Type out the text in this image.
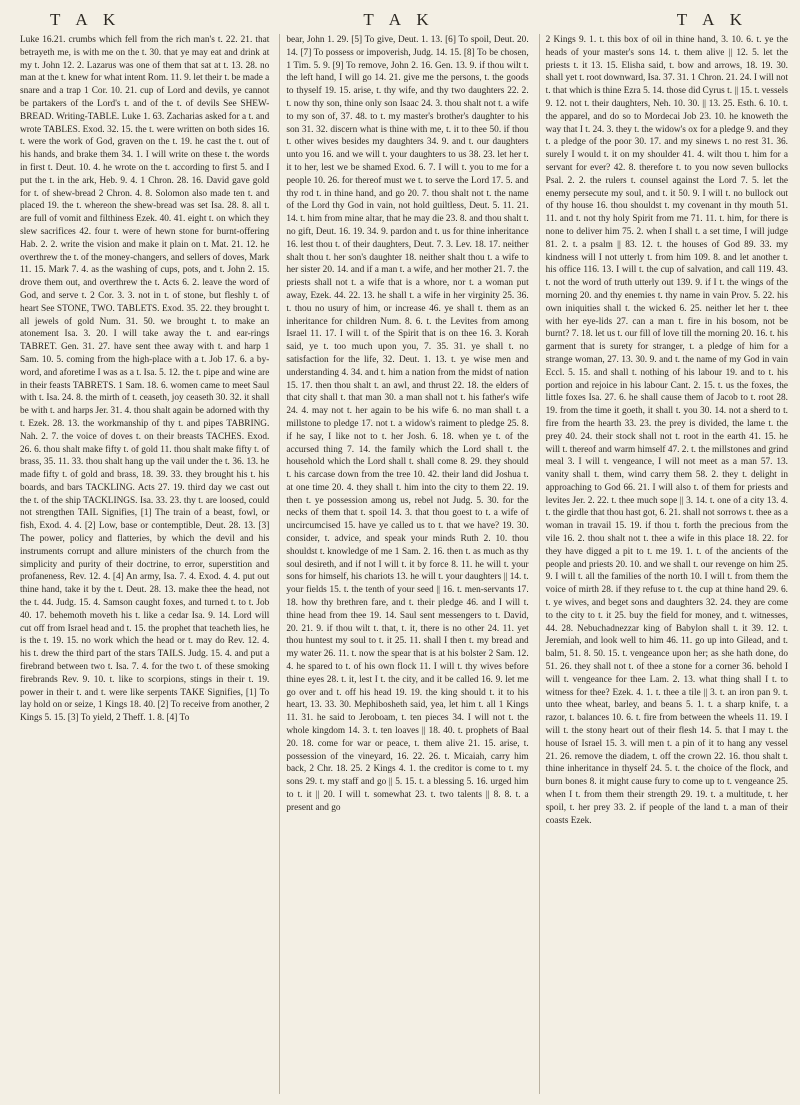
T A K	T A K	T A K

Luke 16.21. crumbs which fell from the rich man's t. 22. 21. that betrayeth me, is with me on the t. 30. that ye may eat and drink at my t. John 12. 2. Lazarus was one of them that sat at t. 13. 28. no man at the t. knew for what intent Rom. 11. 9. let their t. be made a snare and a trap 1 Cor. 10. 21. cup of Lord and devils, ye cannot be partakers of the Lord's t. and of the t. of devils See SHEW-BREAD. Writing-TABLE. Luke 1. 63. Zacharias asked for a t. and wrote TABLES. Exod. 32. 15. the t. were written on both sides 16. t. were the work of God, graven on the t. 19. he cast the t. out of his hands, and brake them 34. 1. I will write on these t. the words in first t. Deut. 10. 4. he wrote on the t. according to first 5. and I put the t. in the ark, Heb. 9. 4. 1 Chron. 28. 16. David gave gold for t. of shew-bread 2 Chron. 4. 8. Solomon also made ten t. and placed 19. the t. whereon the shew-bread was set Isa. 28. 8. all t. are full of vomit and filthiness Ezek. 40. 41. eight t. on which they slew sacrifices 42. four t. were of hewn stone for burnt-offering Hab. 2. 2. write the vision and make it plain on t. Mat. 21. 12. he overthrew the t. of the money-changers, and sellers of doves, Mark 11. 15. Mark 7. 4. as the washing of cups, pots, and t. John 2. 15. drove them out, and overthrew the t. Acts 6. 2. leave the word of God, and serve t. 2 Cor. 3. 3. not in t. of stone, but fleshly t. of heart See STONE, TWO. TABLETS. Exod. 35. 22. they brought t. all jewels of gold Num. 31. 50. we brought t. to make an atonement Isa. 3. 20. I will take away the t. and ear-rings TABRET. Gen. 31. 27. have sent thee away with t. and harp 1 Sam. 10. 5. coming from the high-place with a t. Job 17. 6. a by-word, and aforetime I was as a t. Isa. 5. 12. the t. pipe and wine are in their feasts TABRETS. 1 Sam. 18. 6. women came to meet Saul with t. Isa. 24. 8. the mirth of t. ceaseth, joy ceaseth 30. 32. it shall be with t. and harps Jer. 31. 4. thou shalt again be adorned with thy t. Ezek. 28. 13. the workmanship of thy t. and pipes TABRING. Nah. 2. 7. the voice of doves t. on their breasts TACHES. Exod. 26. 6. thou shalt make fifty t. of gold 11. thou shalt make fifty t. of brass, 35. 11. 33. thou shalt hang up the vail under the t. 36. 13. he made fifty t. of gold and brass, 18. 39. 33. they brought his t. his boards, and bars TACKLING. Acts 27. 19. third day we cast out the t. of the ship TACKLINGS. Isa. 33. 23. thy t. are loosed, could not strengthen TAIL Signifies, [1] The train of a beast, fowl, or fish, Exod. 4. 4. [2] Low, base or contemptible, Deut. 28. 13. [3] The power, policy and flatteries, by which the devil and his instruments corrupt and allure ministers of the church from the simplicity and purity of their doctrine, to error, superstition and profaneness, Rev. 12. 4. [4] An army, Isa. 7. 4. Exod. 4. 4. put out thine hand, take it by the t. Deut. 28. 13. make thee the head, not the t. 44. Judg. 15. 4. Samson caught foxes, and turned t. to t. Job 40. 17. behemoth moveth his t. like a cedar Isa. 9. 14. Lord will cut off from Israel head and t. 15. the prophet that teacheth lies, he is the t. 19. 15. no work which the head or t. may do Rev. 12. 4. his t. drew the third part of the stars TAILS. Judg. 15. 4. and put a firebrand between two t. Isa. 7. 4. for the two t. of these smoking firebrands Rev. 9. 10. t. like to scorpions, stings in their t. 19. power in their t. and t. were like serpents TAKE Signifies, [1] To lay hold on or seize, 1 Kings 18. 40. [2] To receive from another, 2 Kings 5. 15. [3] To yield, 2 Theff. 1. 8. [4] To

bear, John 1. 29. [5] To give, Deut. 1. 13. [6] To spoil, Deut. 20. 14. [7] To possess or impoverish, Judg. 14. 15. [8] To be chosen, 1 Tim. 5. 9. [9] To remove, John 2. 16. Gen. 13. 9. if thou wilt t. the left hand, I will go 14. 21. give me the persons, t. the goods to thyself 19. 15. arise, t. thy wife, and thy two daughters 22. 2. t. now thy son, thine only son Isaac 24. 3. thou shalt not t. a wife to my son of, 37. 48. to t. my master's brother's daughter to his son 31. 32. discern what is thine with me, t. it to thee 50. if thou t. other wives besides my daughters 34. 9. and t. our daughters unto you 16. and we will t. your daughters to us 38. 23. let her t. it to her, lest we be shamed Exod. 6. 7. I will t. you to me for a people 10. 26. for thereof must we t. to serve the Lord 17. 5. and thy rod t. in thine hand, and go 20. 7. thou shalt not t. the name of the Lord thy God in vain, not hold guiltless, Deut. 5. 11. 21. 14. t. him from mine altar, that he may die 23. 8. and thou shalt t. no gift, Deut. 16. 19. 34. 9. pardon and t. us for thine inheritance 16. lest thou t. of their daughters, Deut. 7. 3. Lev. 18. 17. neither shalt thou t. her son's daughter 18. neither shalt thou t. a wife to her sister 20. 14. and if a man t. a wife, and her mother 21. 7. the priests shall not t. a wife that is a whore, nor t. a woman put away, Ezek. 44. 22. 13. he shall t. a wife in her virginity 25. 36. t. thou no usury of him, or increase 46. ye shall t. them as an inheritance for children Num. 8. 6. t. the Levites from among Israel 11. 17. I will t. of the Spirit that is on thee 16. 3. Korah said, ye t. too much upon you, 7. 35. 31. ye shall t. no satisfaction for the life, 32. Deut. 1. 13. t. ye wise men and understanding 4. 34. and t. him a nation from the midst of nation 15. 17. then thou shalt t. an awl, and thrust 22. 18. the elders of that city shall t. that man 30. a man shall not t. his father's wife 24. 4. may not t. her again to be his wife 6. no man shall t. a millstone to pledge 17. not t. a widow's raiment to pledge 25. 8. if he say, I like not to t. her Josh. 6. 18. when ye t. of the accursed thing 7. 14. the family which the Lord shall t. the household which the Lord shall t. shall come 8. 29. they should t. his carcase down from the tree 10. 42. their land did Joshua t. at one time 20. 4. they shall t. him into the city to them 22. 19. then t. ye possession among us, rebel not Judg. 5. 30. for the necks of them that t. spoil 14. 3. that thou goest to t. a wife of uncircumcised 15. have ye called us to t. that we have? 19. 30. consider, t. advice, and speak your minds Ruth 2. 10. thou shouldst t. knowledge of me 1 Sam. 2. 16. then t. as much as thy soul desireth, and if not I will t. it by force 8. 11. he will t. your sons for himself, his chariots 13. he will t. your daughters || 14. t. your fields 15. t. the tenth of your seed || 16. t. men-servants 17. 18. how thy brethren fare, and t. their pledge 46. and I will t. thine head from thee 19. 14. Saul sent messengers to t. David, 20. 21. 9. if thou wilt t. that, t. it, there is no other 24. 11. yet thou huntest my soul to t. it 25. 11. shall I then t. my bread and my water 26. 11. t. now the spear that is at his bolster 2 Sam. 12. 4. he spared to t. of his own flock 11. I will t. thy wives before thine eyes 28. t. it, lest I t. the city, and it be called 16. 9. let me go over and t. off his head 19. 19. the king should t. it to his heart, 13. 33. 30. Mephibosheth said, yea, let him t. all 1 Kings 11. 31. he said to Jeroboam, t. ten pieces 34. I will not t. the whole kingdom 14. 3. t. ten loaves || 18. 40. t. prophets of Baal 20. 18. come for war or peace, t. them alive 21. 15. arise, t. possession of the vineyard, 16. 22. 26. t. Micaiah, carry him back, 2 Chr. 18. 25. 2 Kings 4. 1. the creditor is come to t. my sons 29. t. my staff and go || 5. 15. t. a blessing 5. 16. urged him to t. it || 20. I will t. somewhat 23. t. two talents || 8. 8. t. a present and go

2 Kings 9. 1. t. this box of oil in thine hand, 3. 10. 6. t. ye the heads of your master's sons 14. t. them alive || 12. 5. let the priests t. it 13. 15. Elisha said, t. bow and arrows, 18. 19. 30. shall yet t. root downward, Isa. 37. 31. 1 Chron. 21. 24. I will not t. that which is thine Ezra 5. 14. those did Cyrus t. || 15. t. vessels 9. 12. not t. their daughters, Neh. 10. 30. || 13. 25. Esth. 6. 10. t. the apparel, and do so to Mordecai Job 23. 10. he knoweth the way that I t. 24. 3. they t. the widow's ox for a pledge 9. and they t. a pledge of the poor 30. 17. and my sinews t. no rest 31. 36. surely I would t. it on my shoulder 41. 4. wilt thou t. him for a servant for ever? 42. 8. therefore t. to you now seven bullocks Psal. 2. 2. the rulers t. counsel against the Lord 7. 5. let the enemy persecute my soul, and t. it 50. 9. I will t. no bullock out of thy house 16. thou shouldst t. my covenant in thy mouth 51. 11. and t. not thy holy Spirit from me 71. 11. t. him, for there is none to deliver him 75. 2. when I shall t. a set time, I will judge 81. 2. t. a psalm || 83. 12. t. the houses of God 89. 33. my kindness will I not utterly t. from him 109. 8. and let another t. his office 116. 13. I will t. the cup of salvation, and call 119. 43. t. not the word of truth utterly out 139. 9. if I t. the wings of the morning 20. and thy enemies t. thy name in vain Prov. 5. 22. his own iniquities shall t. the wicked 6. 25. neither let her t. thee with her eye-lids 27. can a man t. fire in his bosom, not be burnt? 7. 18. let us t. our fill of love till the morning 20. 16. t. his garment that is surety for stranger, t. a pledge of him for a strange woman, 27. 13. 30. 9. and t. the name of my God in vain Eccl. 5. 15. and shall t. nothing of his labour 19. and to t. his portion and rejoice in his labour Cant. 2. 15. t. us the foxes, the little foxes Isa. 27. 6. he shall cause them of Jacob to t. root 28. 19. from the time it goeth, it shall t. you 30. 14. not a sherd to t. fire from the hearth 33. 23. the prey is divided, the lame t. the prey 40. 24. their stock shall not t. root in the earth 41. 15. he will t. thereof and warm himself 47. 2. t. the millstones and grind meal 3. I will t. vengeance, I will not meet as a man 57. 13. vanity shall t. them, wind carry them 58. 2. they t. delight in approaching to God 66. 21. I will also t. of them for priests and levites Jer. 2. 22. t. thee much sope || 3. 14. t. one of a city 13. 4. t. the girdle that thou hast got, 6. 21. shall not sorrows t. thee as a woman in travail 15. 19. if thou t. forth the precious from the vile 16. 2. thou shalt not t. thee a wife in this place 18. 22. for they have digged a pit to t. me 19. 1. t. of the ancients of the people and priests 20. 10. and we shall t. our revenge on him 25. 9. I will t. all the families of the north 10. I will t. from them the voice of mirth 28. if they refuse to t. the cup at thine hand 29. 6. t. ye wives, and beget sons and daughters 32. 24. they are come to the city to t. it 25. buy the field for money, and t. witnesses, 44. 28. Nebuchadnezzar king of Babylon shall t. it 39. 12. t. Jeremiah, and look well to him 46. 11. go up into Gilead, and t. balm, 51. 8. 50. 15. t. vengeance upon her; as she hath done, do 51. 26. they shall not t. of thee a stone for a corner 36. behold I will t. vengeance for thee Lam. 2. 13. what thing shall I t. to witness for thee? Ezek. 4. 1. t. thee a tile || 3. t. an iron pan 9. t. unto thee wheat, barley, and beans 5. 1. t. a sharp knife, t. a razor, t. balances 10. 6. t. fire from between the wheels 11. 19. I will t. the stony heart out of their flesh 14. 5. that I may t. the house of Israel 15. 3. will men t. a pin of it to hang any vessel 21. 26. remove the diadem, t. off the crown 22. 16. thou shalt t. thine inheritance in thyself 24. 5. t. the choice of the flock, and burn bones 8. it might cause fury to come up to t. vengeance 25. when I t. from them their strength 29. 19. t. a multitude, t. her spoil, t. her prey 33. 2. if people of the land t. a man of their coasts Ezek.
